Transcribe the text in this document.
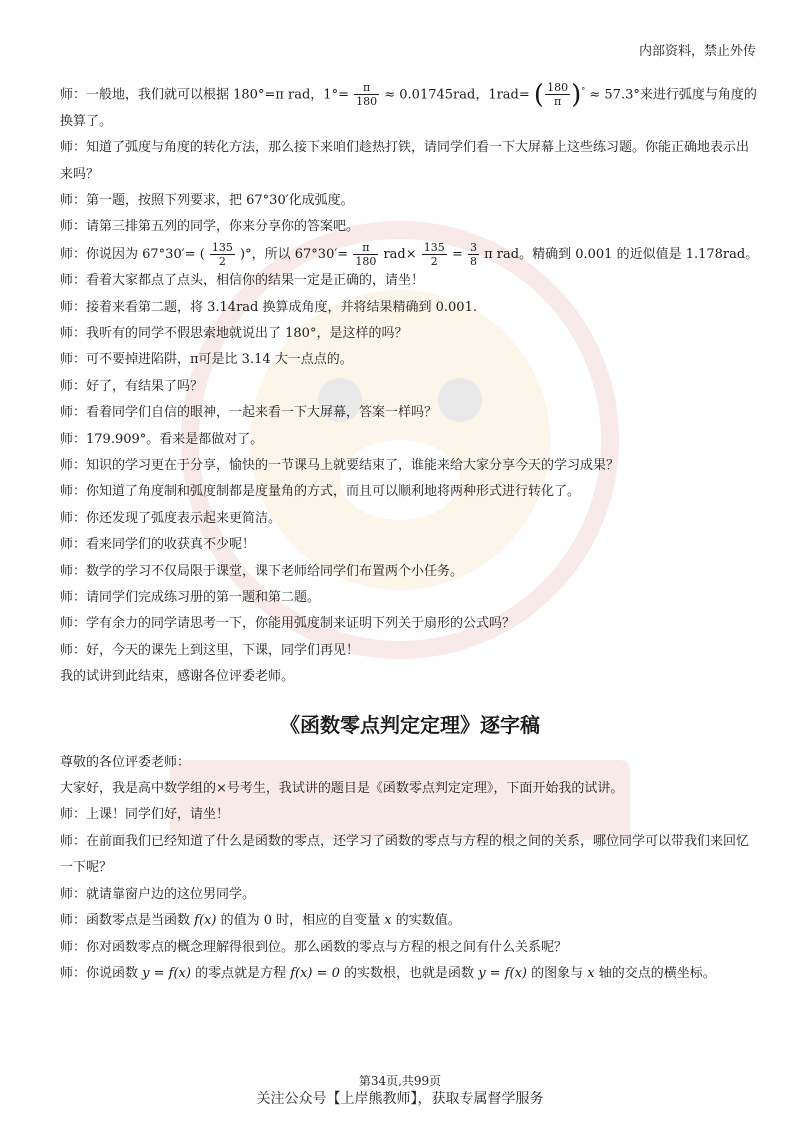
内部资料，禁止外传

师：一般地，我们就可以根据 180°=π rad，$1^\circ= \frac{\pi}{180} \approx 0.01745rad$，1rad= ( $\frac{180}{\pi} )^\circ \approx 57.3^\circ$来进行弧度与角度的换算了。

师：知道了弧度与角度的转化方法，那么接下来咱们趁热打铁，请同学们看一下大屏幕上这些练习题。你能正确地表示出来吗？

师：第一题，按照下列要求，把 67°30′化成弧度。

师：请第三排第五列的同学，你来分享你的答案吧。

师：你说因为 67°30′= ( $\frac{135}{2}$ )°，所以 $67^\circ 30'= \frac{\pi}{180} rad\times \frac{135}{2} = \frac{3}{8}$ π rad。精确到 0.001 的近似值是 1.178rad。

师：看着大家都点了点头，相信你的结果一定是正确的，请坐！

师：接着来看第二题，将 3.14rad 换算成角度，并将结果精确到 0.001.

师：我听有的同学不假思索地就说出了 180°，是这样的吗？

师：可不要掉进陷阱，π可是比 3.14 大一点点的。

师：好了，有结果了吗？

师：看着同学们自信的眼神，一起来看一下大屏幕，答案一样吗？

师：179.909°。看来是都做对了。

师：知识的学习更在于分享，愉快的一节课马上就要结束了，谁能来给大家分享今天的学习成果？

师：你知道了角度制和弧度制都是度量角的方式，而且可以顺利地将两种形式进行转化了。

师：你还发现了弧度表示起来更简洁。

师：看来同学们的收获真不少呢！

师：数学的学习不仅局限于课堂，课下老师给同学们布置两个小任务。

师：请同学们完成练习册的第一题和第二题。

师：学有余力的同学请思考一下，你能用弧度制来证明下列关于扇形的公式吗？

师：好，今天的课先上到这里，下课，同学们再见！

我的试讲到此结束，感谢各位评委老师。

《函数零点判定定理》逐字稿

尊敬的各位评委老师：

大家好，我是高中数学组的×号考生，我试讲的题目是《函数零点判定定理》，下面开始我的试讲。

师：上课！同学们好，请坐！

师：在前面我们已经知道了什么是函数的零点，还学习了函数的零点与方程的根之间的关系，哪位同学可以带我们来回忆一下呢？

师：就请靠窗户边的这位男同学。

师：函数零点是当函数 f(x) 的值为 0 时，相应的自变量 x 的实数值。

师：你对函数零点的概念理解得很到位。那么函数的零点与方程的根之间有什么关系呢？

师：你说函数 y = f(x) 的零点就是方程 f(x) = 0 的实数根，也就是函数 y = f(x) 的图象与 x 轴的交点的横坐标。

第34页,共99页
关注公众号【上岸熊教师】，获取专属督学服务
